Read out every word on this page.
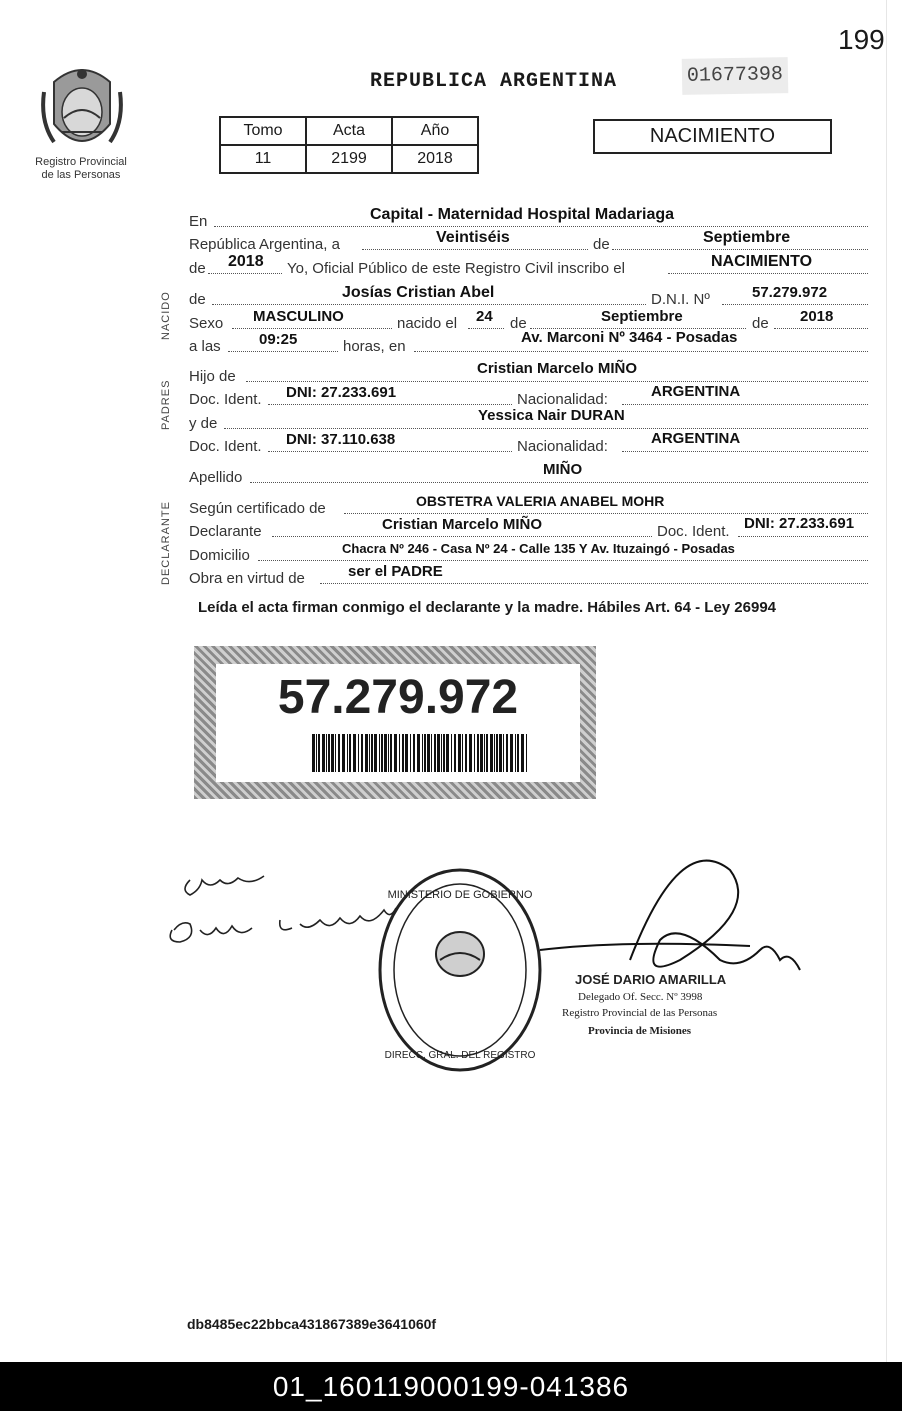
199
Registro Provincial
de las Personas
REPUBLICA ARGENTINA	01677398
Tomo	Acta	Año
11	2199	2018
NACIMIENTO
NACIDO
PADRES
DECLARANTE
En	Capital - Maternidad Hospital Madariaga
República Argentina, a	Veintiséis	de	Septiembre
de 2018 Yo, Oficial Público de este Registro Civil inscribo el	NACIMIENTO
de	Josías Cristian Abel	D.N.I. Nº	57.279.972
Sexo MASCULINO	nacido el 24 de	Septiembre	de 2018
a las	09:25	horas, en
Av. Marconi Nº 3464 - Posadas
Hijo de	Cristian Marcelo MIÑO
Doc. Ident. DNI: 27.233.691	Nacionalidad:	ARGENTINA
y de	Yessica Nair DURAN
Doc. Ident. DNI: 37.110.638	Nacionalidad:	ARGENTINA
Apellido	MIÑO
Según certificado de	OBSTETRA VALERIA ANABEL MOHR
Declarante	Cristian Marcelo MIÑO	Doc. Ident. DNI: 27.233.691
Domicilio	Chacra Nº 246 - Casa Nº 24 - Calle 135 Y Av. Ituzaingó - Posadas
Obra en virtud de	ser el PADRE
Leída el acta firman conmigo el declarante y la madre. Hábiles Art. 64 - Ley 26994
57.279.972
MINISTERIO DE GOBIERNO
DIRECC. GRAL. DEL REGISTRO
JOSÉ DARIO AMARILLA
Delegado Of. Secc. Nº 3998
Registro Provincial de las Personas
Provincia de Misiones
db8485ec22bbca431867389e3641060f
01_160119000199-041386
